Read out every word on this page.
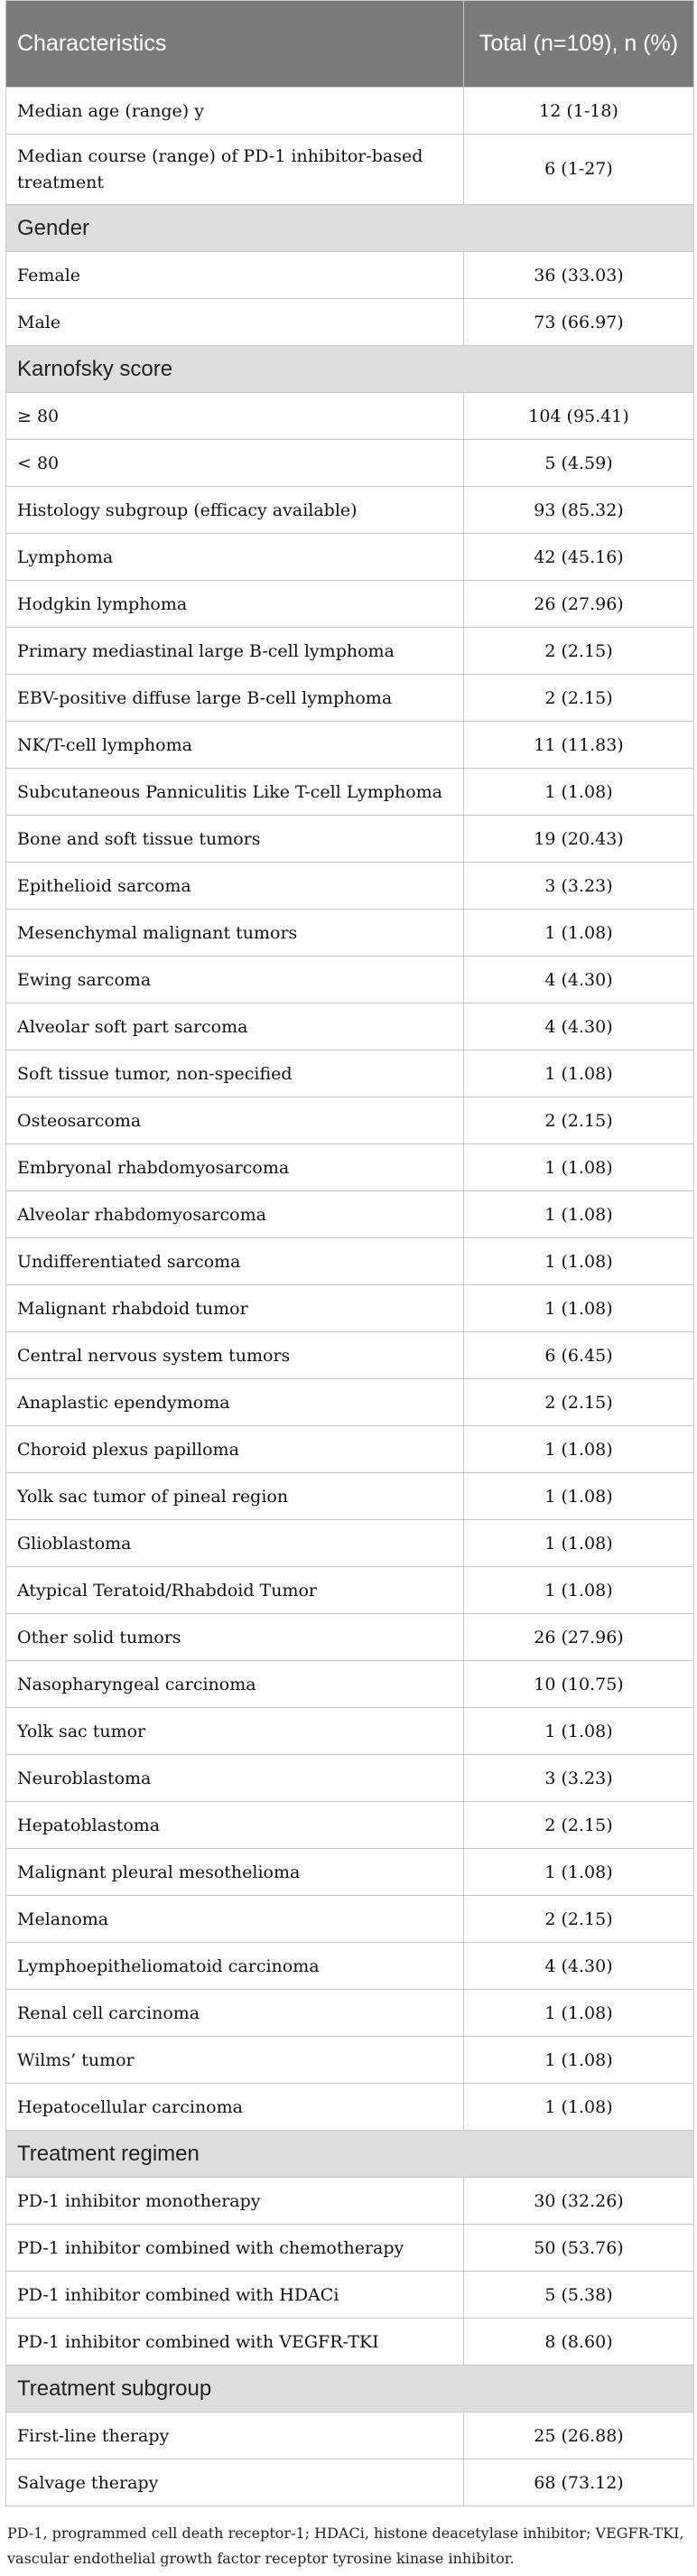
Characteristics	Total (n=109), n (%)
Median age (range) y	12 (1-18)
Median course (range) of PD-1 inhibitor-based treatment	6 (1-27)
Gender	
Female	36 (33.03)
Male	73 (66.97)
Karnofsky score	
≥ 80	104 (95.41)
< 80	5 (4.59)
Histology subgroup (efficacy available)	93 (85.32)
Lymphoma	42 (45.16)
Hodgkin lymphoma	26 (27.96)
Primary mediastinal large B-cell lymphoma	2 (2.15)
EBV-positive diffuse large B-cell lymphoma	2 (2.15)
NK/T-cell lymphoma	11 (11.83)
Subcutaneous Panniculitis Like T-cell Lymphoma	1 (1.08)
Bone and soft tissue tumors	19 (20.43)
Epithelioid sarcoma	3 (3.23)
Mesenchymal malignant tumors	1 (1.08)
Ewing sarcoma	4 (4.30)
Alveolar soft part sarcoma	4 (4.30)
Soft tissue tumor, non-specified	1 (1.08)
Osteosarcoma	2 (2.15)
Embryonal rhabdomyosarcoma	1 (1.08)
Alveolar rhabdomyosarcoma	1 (1.08)
Undifferentiated sarcoma	1 (1.08)
Malignant rhabdoid tumor	1 (1.08)
Central nervous system tumors	6 (6.45)
Anaplastic ependymoma	2 (2.15)
Choroid plexus papilloma	1 (1.08)
Yolk sac tumor of pineal region	1 (1.08)
Glioblastoma	1 (1.08)
Atypical Teratoid/Rhabdoid Tumor	1 (1.08)
Other solid tumors	26 (27.96)
Nasopharyngeal carcinoma	10 (10.75)
Yolk sac tumor	1 (1.08)
Neuroblastoma	3 (3.23)
Hepatoblastoma	2 (2.15)
Malignant pleural mesothelioma	1 (1.08)
Melanoma	2 (2.15)
Lymphoepitheliomatoid carcinoma	4 (4.30)
Renal cell carcinoma	1 (1.08)
Wilms’ tumor	1 (1.08)
Hepatocellular carcinoma	1 (1.08)
Treatment regimen	
PD-1 inhibitor monotherapy	30 (32.26)
PD-1 inhibitor combined with chemotherapy	50 (53.76)
PD-1 inhibitor combined with HDACi	5 (5.38)
PD-1 inhibitor combined with VEGFR-TKI	8 (8.60)
Treatment subgroup	
First-line therapy	25 (26.88)
Salvage therapy	68 (73.12)
PD-1, programmed cell death receptor-1; HDACi, histone deacetylase inhibitor; VEGFR-TKI, vascular endothelial growth factor receptor tyrosine kinase inhibitor.
